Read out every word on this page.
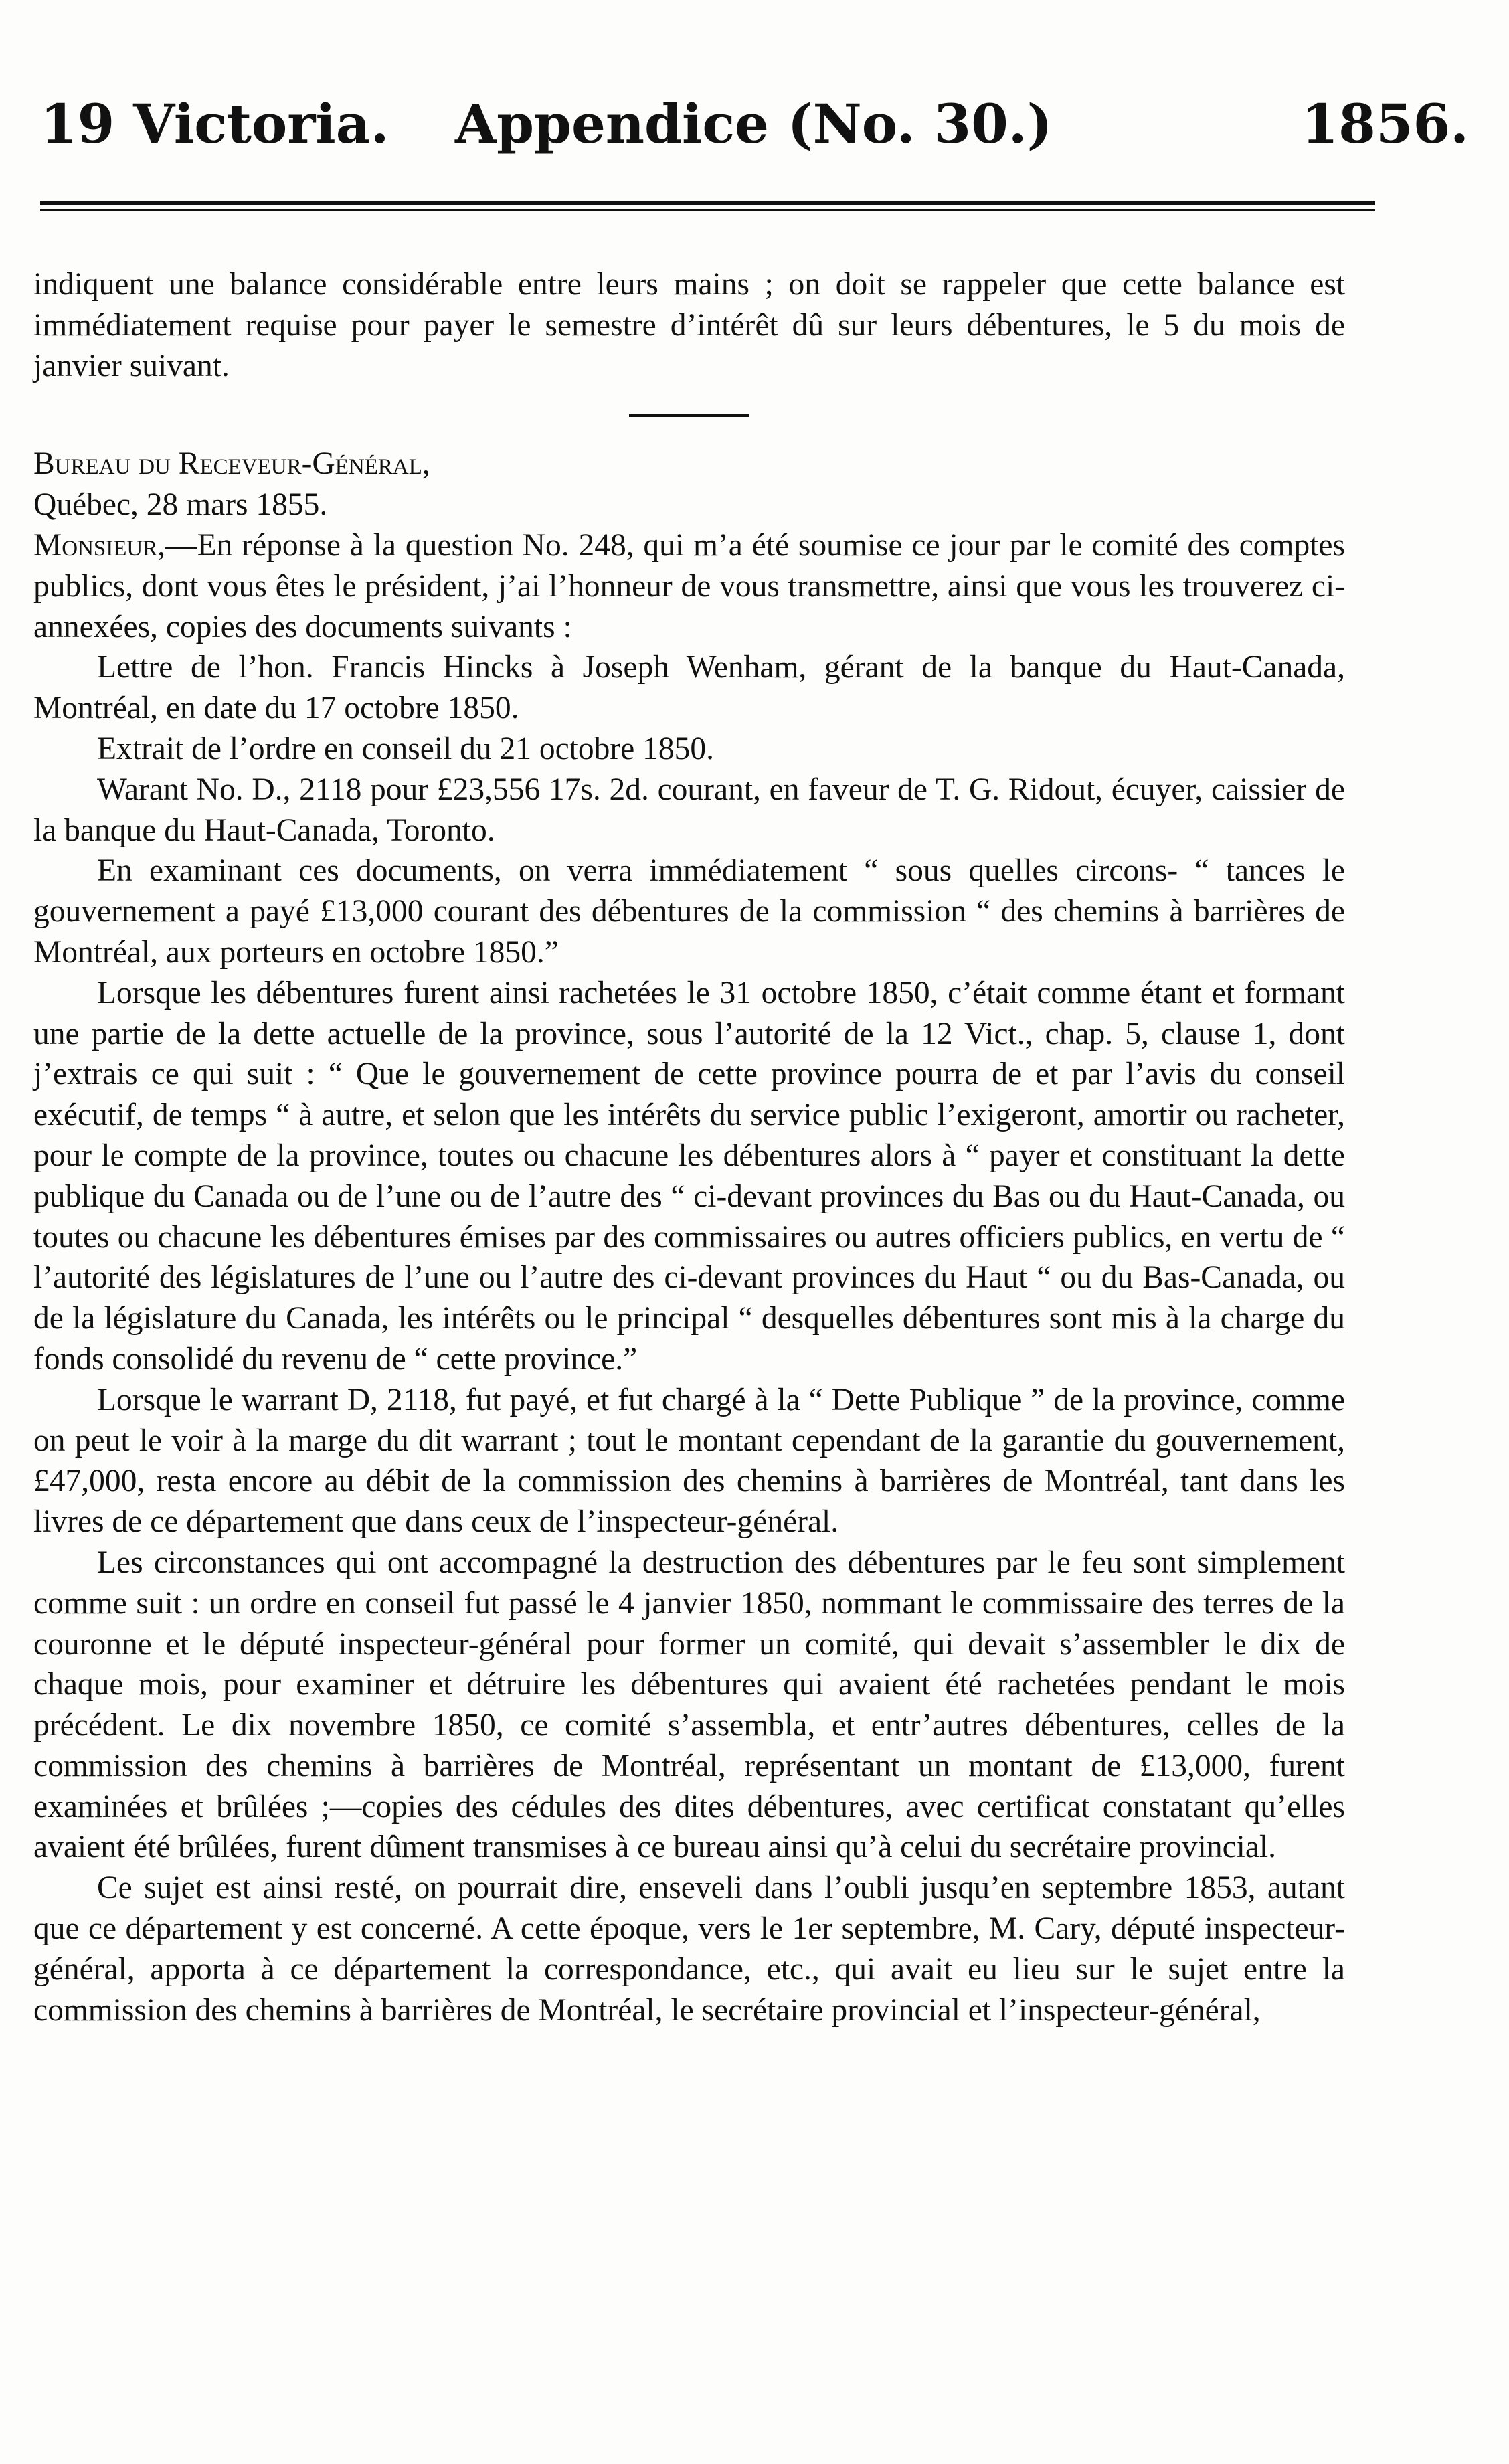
19 Victoria. Appendice (No. 30.)	1856.

indiquent une balance considérable entre leurs mains ; on doit se rappeler que cette balance est immédiatement requise pour payer le semestre d’intérêt dû sur leurs débentures, le 5 du mois de janvier suivant.

Bureau du Receveur-Général,

Québec, 28 mars 1855.

Monsieur,—En réponse à la question No. 248, qui m’a été soumise ce jour par le comité des comptes publics, dont vous êtes le président, j’ai l’honneur de vous transmettre, ainsi que vous les trouverez ci-annexées, copies des documents suivants :

Lettre de l’hon. Francis Hincks à Joseph Wenham, gérant de la banque du Haut-Canada, Montréal, en date du 17 octobre 1850.

Extrait de l’ordre en conseil du 21 octobre 1850.

Warant No. D., 2118 pour £23,556 17s. 2d. courant, en faveur de T. G. Ridout, écuyer, caissier de la banque du Haut-Canada, Toronto.

En examinant ces documents, on verra immédiatement “ sous quelles circons- “ tances le gouvernement a payé £13,000 courant des débentures de la commission “ des chemins à barrières de Montréal, aux porteurs en octobre 1850.”

Lorsque les débentures furent ainsi rachetées le 31 octobre 1850, c’était comme étant et formant une partie de la dette actuelle de la province, sous l’autorité de la 12 Vict., chap. 5, clause 1, dont j’extrais ce qui suit : “ Que le gouvernement de cette province pourra de et par l’avis du conseil exécutif, de temps “ à autre, et selon que les intérêts du service public l’exigeront, amortir ou racheter, pour le compte de la province, toutes ou chacune les débentures alors à “ payer et constituant la dette publique du Canada ou de l’une ou de l’autre des “ ci-devant provinces du Bas ou du Haut-Canada, ou toutes ou chacune les débentures émises par des commissaires ou autres officiers publics, en vertu de “ l’autorité des législatures de l’une ou l’autre des ci-devant provinces du Haut “ ou du Bas-Canada, ou de la législature du Canada, les intérêts ou le principal “ desquelles débentures sont mis à la charge du fonds consolidé du revenu de “ cette province.”

Lorsque le warrant D, 2118, fut payé, et fut chargé à la “ Dette Publique ” de la province, comme on peut le voir à la marge du dit warrant ; tout le montant cependant de la garantie du gouvernement, £47,000, resta encore au débit de la commission des chemins à barrières de Montréal, tant dans les livres de ce département que dans ceux de l’inspecteur-général.

Les circonstances qui ont accompagné la destruction des débentures par le feu sont simplement comme suit : un ordre en conseil fut passé le 4 janvier 1850, nommant le commissaire des terres de la couronne et le député inspecteur-général pour former un comité, qui devait s’assembler le dix de chaque mois, pour examiner et détruire les débentures qui avaient été rachetées pendant le mois précédent. Le dix novembre 1850, ce comité s’assembla, et entr’autres débentures, celles de la commission des chemins à barrières de Montréal, représentant un montant de £13,000, furent examinées et brûlées ;—copies des cédules des dites débentures, avec certificat constatant qu’elles avaient été brûlées, furent dûment transmises à ce bureau ainsi qu’à celui du secrétaire provincial.

Ce sujet est ainsi resté, on pourrait dire, enseveli dans l’oubli jusqu’en septembre 1853, autant que ce département y est concerné. A cette époque, vers le 1er septembre, M. Cary, député inspecteur-général, apporta à ce département la correspondance, etc., qui avait eu lieu sur le sujet entre la commission des chemins à barrières de Montréal, le secrétaire provincial et l’inspecteur-général,
